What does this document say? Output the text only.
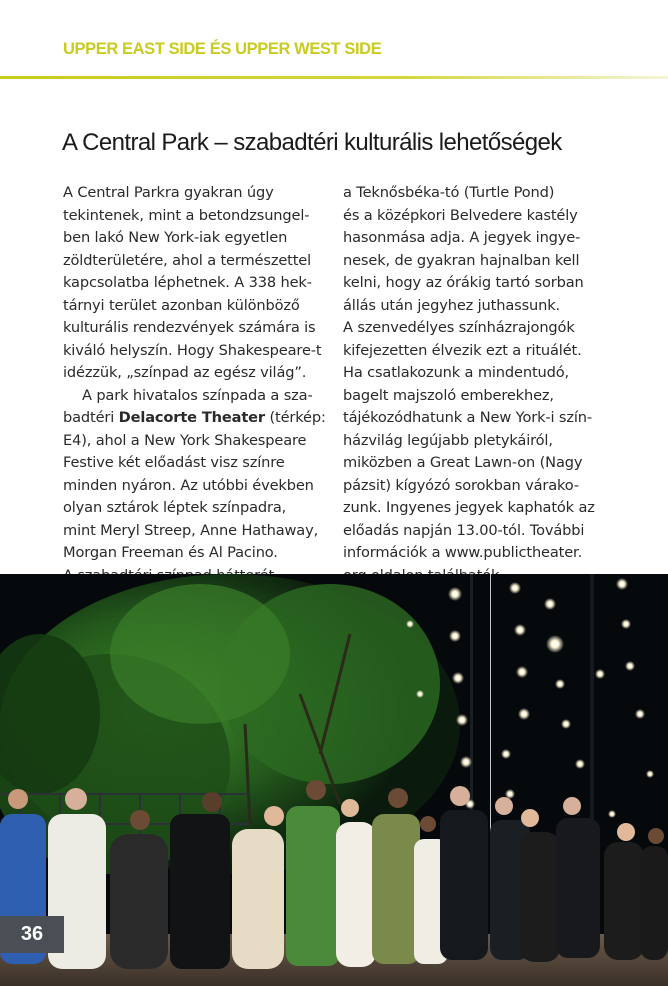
UPPER EAST SIDE ÉS UPPER WEST SIDE
A Central Park – szabadtéri kulturális lehetőségek
A Central Parkra gyakran úgy
tekintenek, mint a betondzsungel-
ben lakó New York-iak egyetlen
zöldterületére, ahol a természettel
kapcsolatba léphetnek. A 338 hek-
tárnyi terület azonban különböző
kulturális rendezvények számára is
kiváló helyszín. Hogy Shakespeare-t
idézzük, „színpad az egész világ”.
A park hivatalos színpada a sza-
badtéri Delacorte Theater (térkép:
E4), ahol a New York Shakespeare
Festive két előadást visz színre
minden nyáron. Az utóbbi években
olyan sztárok léptek színpadra,
mint Meryl Streep, Anne Hathaway,
Morgan Freeman és Al Pacino.
a Teknősbéka-tó (Turtle Pond)
és a középkori Belvedere kastély
hasonmása adja. A jegyek ingye-
nesek, de gyakran hajnalban kell
kelni, hogy az órákig tartó sorban
állás után jegyhez juthassunk.
A szenvedélyes színházrajongók
kifejezetten élvezik ezt a rituálét.
Ha csatlakozunk a mindentudó,
bagelt majszoló emberekhez,
tájékozódhatunk a New York-i szín-
házvilág legújabb pletykáiról,
miközben a Great Lawn-on (Nagy
pázsit) kígyózó sorokban várako-
zunk. Ingyenes jegyek kaphatók az
előadás napján 13.00-tól. További
információk a www.publictheater.
36
